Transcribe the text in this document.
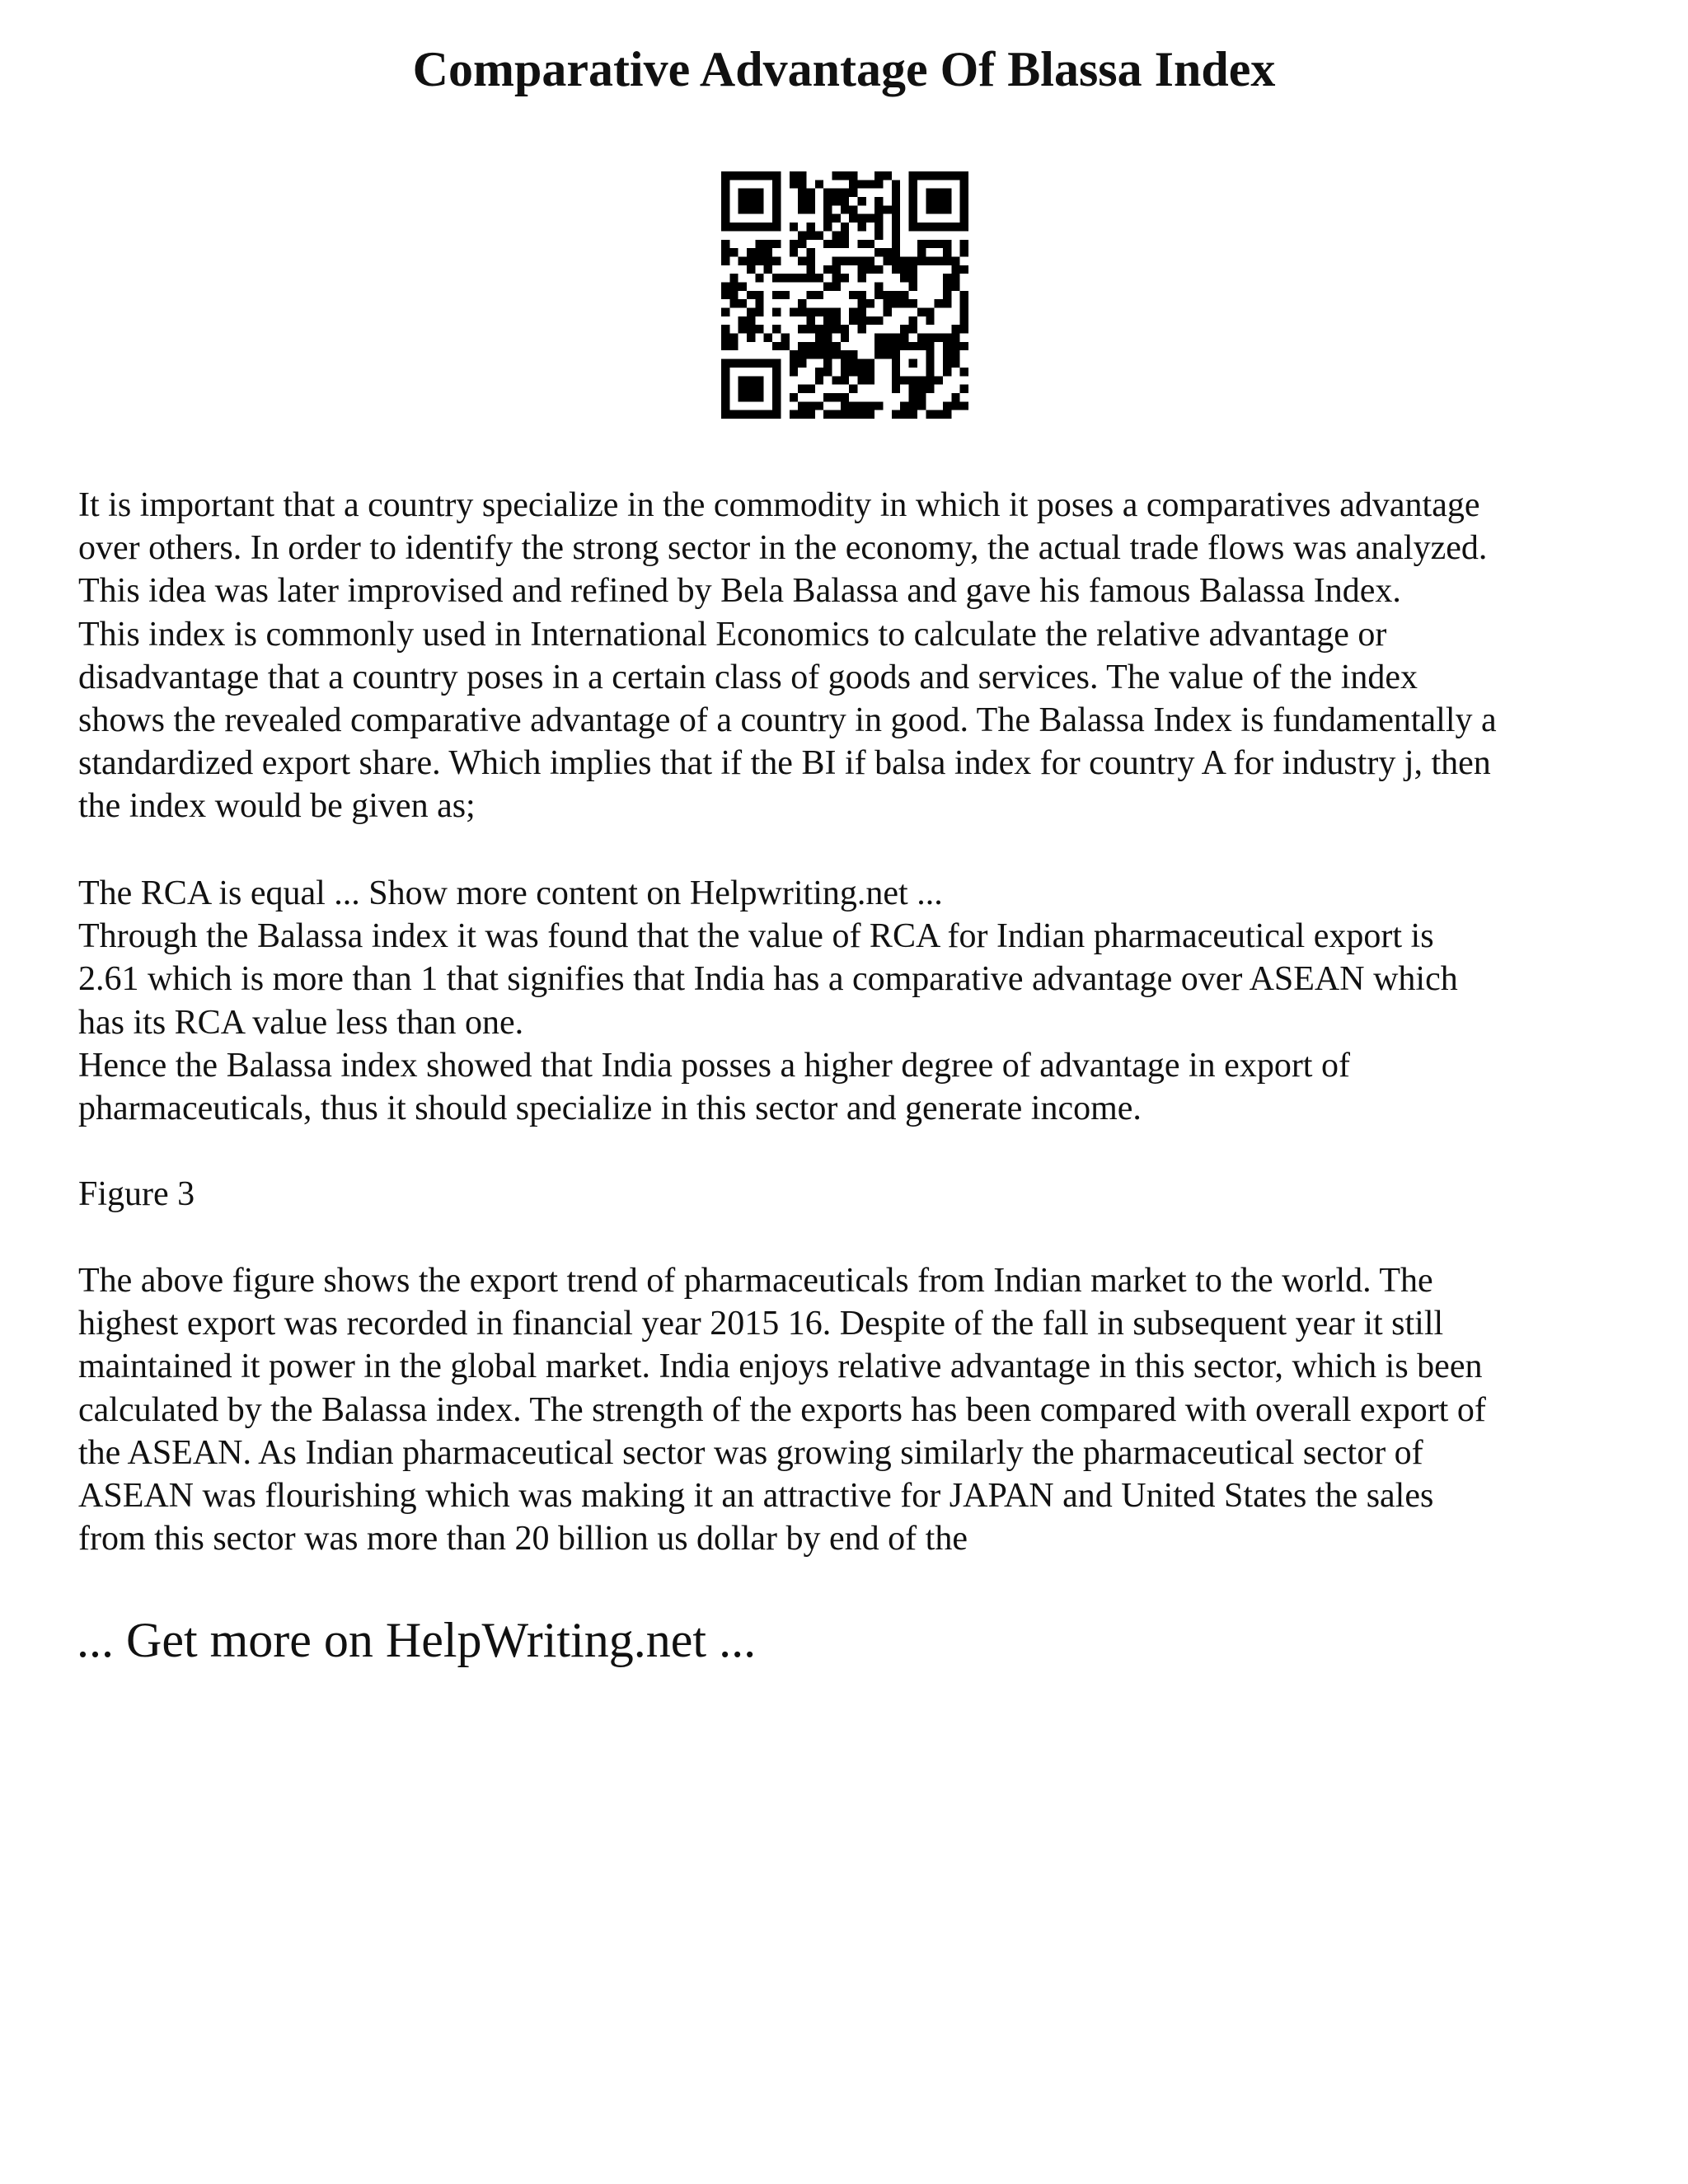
Comparative Advantage Of Blassa Index

It is important that a country specialize in the commodity in which it poses a comparatives advantage
over others. In order to identify the strong sector in the economy, the actual trade flows was analyzed.
This idea was later improvised and refined by Bela Balassa and gave his famous Balassa Index.
This index is commonly used in International Economics to calculate the relative advantage or
disadvantage that a country poses in a certain class of goods and services. The value of the index
shows the revealed comparative advantage of a country in good. The Balassa Index is fundamentally a
standardized export share. Which implies that if the BI if balsa index for country A for industry j, then
the index would be given as;

The RCA is equal ... Show more content on Helpwriting.net ...
Through the Balassa index it was found that the value of RCA for Indian pharmaceutical export is
2.61 which is more than 1 that signifies that India has a comparative advantage over ASEAN which
has its RCA value less than one.
Hence the Balassa index showed that India posses a higher degree of advantage in export of
pharmaceuticals, thus it should specialize in this sector and generate income.

Figure 3

The above figure shows the export trend of pharmaceuticals from Indian market to the world. The
highest export was recorded in financial year 2015 16. Despite of the fall in subsequent year it still
maintained it power in the global market. India enjoys relative advantage in this sector, which is been
calculated by the Balassa index. The strength of the exports has been compared with overall export of
the ASEAN. As Indian pharmaceutical sector was growing similarly the pharmaceutical sector of
ASEAN was flourishing which was making it an attractive for JAPAN and United States the sales
from this sector was more than 20 billion us dollar by end of the

... Get more on HelpWriting.net ...
